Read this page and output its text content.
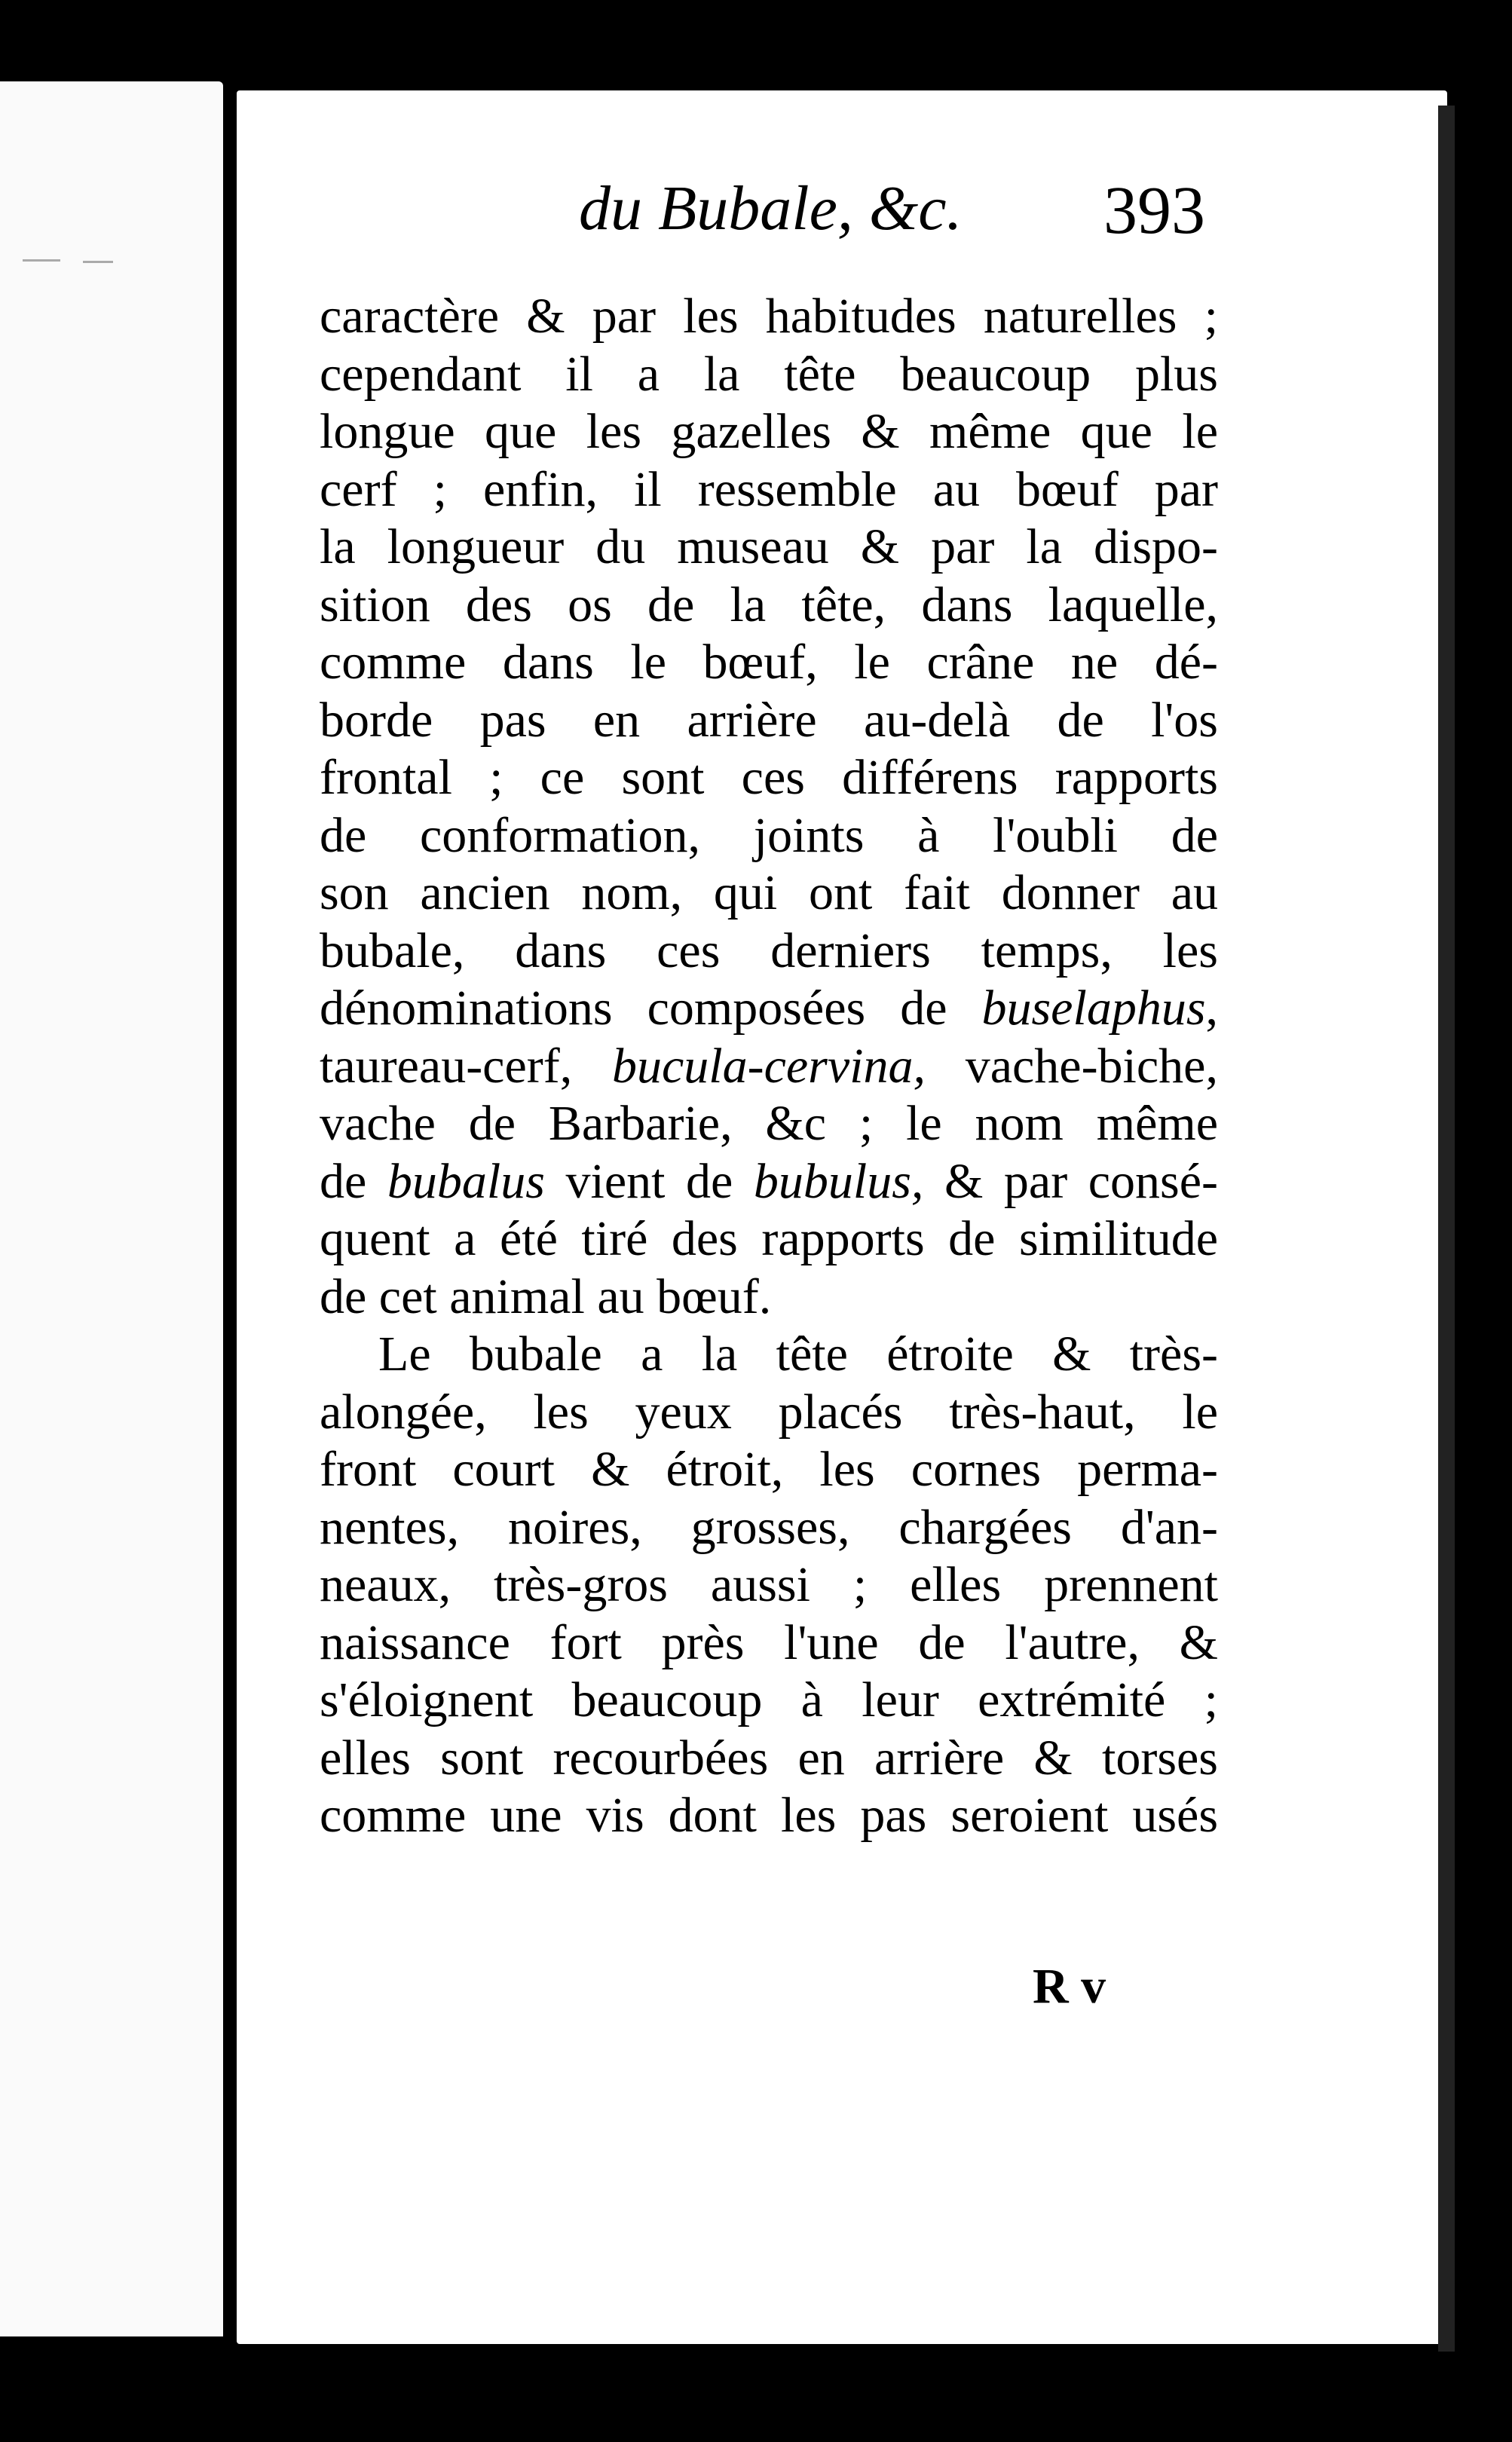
du Bubale, &c. 393
caractère & par les habitudes naturelles ;
cependant il a la tête beaucoup plus
longue que les gazelles & même que le
cerf ; enfin, il ressemble au bœuf par
la longueur du museau & par la dispo-
sition des os de la tête, dans laquelle,
comme dans le bœuf, le crâne ne dé-
borde pas en arrière au-delà de l'os
frontal ; ce sont ces différens rapports
de conformation, joints à l'oubli de
son ancien nom, qui ont fait donner au
bubale, dans ces derniers temps, les
dénominations composées de buselaphus,
taureau-cerf, bucula-cervina, vache-biche,
vache de Barbarie, &c ; le nom même
de bubalus vient de bubulus, & par consé-
quent a été tiré des rapports de similitude
de cet animal au bœuf.
Le bubale a la tête étroite & très-
alongée, les yeux placés très-haut, le
front court & étroit, les cornes perma-
nentes, noires, grosses, chargées d'an-
neaux, très-gros aussi ; elles prennent
naissance fort près l'une de l'autre, &
s'éloignent beaucoup à leur extrémité ;
elles sont recourbées en arrière & torses
comme une vis dont les pas seroient usés
R v
